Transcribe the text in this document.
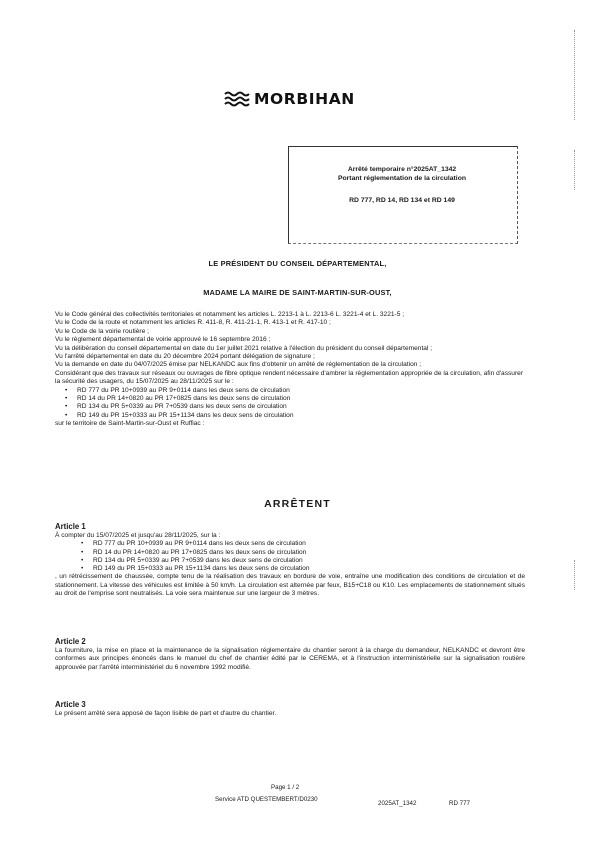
MORBIHAN
Arrêté temporaire n°2025AT_1342
Portant réglementation de la circulation
RD 777, RD 14, RD 134 et RD 149
LE PRÉSIDENT DU CONSEIL DÉPARTEMENTAL,
MADAME LA MAIRE DE SAINT-MARTIN-SUR-OUST,
Vu le Code général des collectivités territoriales et notamment les articles L. 2213-1 à L. 2213-6 L. 3221-4 et L. 3221-5 ;
Vu le Code de la route et notamment les articles R. 411-8, R. 411-21-1, R. 413-1 et R. 417-10 ;
Vu le Code de la voirie routière ;
Vu le règlement départemental de voirie approuvé le 16 septembre 2016 ;
Vu la délibération du conseil départemental en date du 1er juillet 2021 relative à l'élection du président du conseil départemental ;
Vu l'arrêté départemental en date du 20 décembre 2024 portant délégation de signature ;
Vu la demande en date du 04/07/2025 émise par NELKANDC aux fins d'obtenir un arrêté de réglementation de la circulation ;
Considérant que des travaux sur réseaux ou ouvrages de fibre optique rendent nécessaire d'ambrer la réglementation appropriée de la circulation, afin d'assurer la sécurité des usagers, du 15/07/2025 au 28/11/2025 sur le :
•	RD 777 du PR 10+0939 au PR 9+0114 dans les deux sens de circulation
•	RD 14 du PR 14+0820 au PR 17+0825 dans les deux sens de circulation
•	RD 134 du PR 5+0339 au PR 7+0539 dans les deux sens de circulation
•	RD 149 du PR 15+0333 au PR 15+1134 dans les deux sens de circulation
sur le territoire de Saint-Martin-sur-Oust et Ruffiac :
ARRÊTENT
Article 1
À compter du 15/07/2025 et jusqu'au 28/11/2025, sur la :
•	RD 777 du PR 10+0939 au PR 9+0114 dans les deux sens de circulation
•	RD 14 du PR 14+0820 au PR 17+0825 dans les deux sens de circulation
•	RD 134 du PR 5+0339 au PR 7+0539 dans les deux sens de circulation
•	RD 149 du PR 15+0333 au PR 15+1134 dans les deux sens de circulation
, un rétrécissement de chaussée, compte tenu de la réalisation des travaux en bordure de voie, entraîne une modification des conditions de circulation et de stationnement. La vitesse des véhicules est limitée à 50 km/h. La circulation est alternée par feux, B15+C18 ou K10. Les emplacements de stationnement situés au droit de l'emprise sont neutralisés. La voie sera maintenue sur une largeur de 3 mètres.
Article 2
La fourniture, la mise en place et la maintenance de la signalisation réglementaire du chantier seront à la charge du demandeur, NELKANDC et devront être conformes aux principes énoncés dans le manuel du chef de chantier édité par le CEREMA, et à l'instruction interministérielle sur la signalisation routière approuvée par l'arrêté interministériel du 6 novembre 1992 modifié.
Article 3
Le présent arrêté sera apposé de façon lisible de part et d'autre du chantier.
Page 1 / 2
Service ATD QUESTEMBERT/D0230
2025AT_1342	RD 777
